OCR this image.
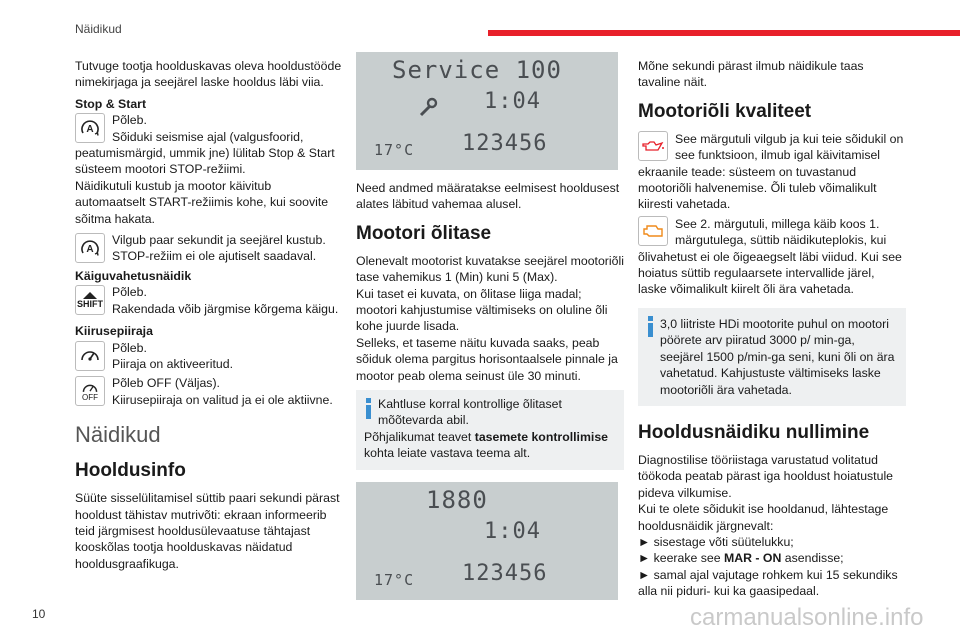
Näidikud

Tutvuge tootja hoolduskavas oleva hooldustööde nimekirjaga ja seejärel laske hooldus läbi viia.

Stop & Start
A
Põleb.
Sõiduki seismise ajal (valgusfoorid, peatumismärgid, ummik jne) lülitab Stop & Start süsteem mootori STOP-režiimi.

Näidikutuli kustub ja mootor käivitub automaatselt START-režiimis kohe, kui soovite sõitma hakata.

A
Vilgub paar sekundit ja seejärel kustub.
STOP-režiim ei ole ajutiselt saadaval.
Käiguvahetusnäidik
SHIFT
Põleb.
Rakendada võib järgmise kõrgema käigu.
Kiirusepiiraja
Põleb.
Piiraja on aktiveeritud.
OFF
Põleb OFF (Väljas).
Kiirusepiiraja on valitud ja ei ole aktiivne.
Näidikud
Hooldusinfo

Süüte sisselülitamisel süttib paari sekundi pärast hooldust tähistav mutrivõti: ekraan informeerib teid järgmisest hooldusülevaatuse tähtajast kooskõlas tootja hoolduskavas näidatud hooldusgraafikuga.

Service 100
1:04
17°C 123456

Need andmed määratakse eelmisest hooldusest alates läbitud vahemaa alusel.

Mootori õlitase

Olenevalt mootorist kuvatakse seejärel mootoriõli tase vahemikus 1 (Min) kuni 5 (Max).

Kui taset ei kuvata, on õlitase liiga madal; mootori kahjustumise vältimiseks on oluline õli kohe juurde lisada.

Selleks, et taseme näitu kuvada saaks, peab sõiduk olema pargitus horisontaalsele pinnale ja mootor peab olema seinust üle 30 minuti.

Kahtluse korral kontrollige õlitaset mõõtevarda abil.
Põhjalikumat teavet tasemete kontrollimise kohta leiate vastava teema alt.
1880
1:04
17°C 123456

Mõne sekundi pärast ilmub näidikule taas tavaline näit.

Mootoriõli kvaliteet
See märgutuli vilgub ja kui teie sõidukil on see funktsioon, ilmub igal käivitamisel ekraanile teade: süsteem on tuvastanud mootoriõli halvenemise. Õli tuleb võimalikult kiiresti vahetada.
See 2. märgutuli, millega käib koos 1. märgutulega, süttib näidikuteplokis, kui õlivahetust ei ole õigeaegselt läbi viidud. Kui see hoiatus süttib regulaarsete intervallide järel, laske võimalikult kiirelt õli ära vahetada.
3,0 liitriste HDi mootorite puhul on mootori pöörete arv piiratud 3000 p/ min-ga, seejärel 1500 p/min-ga seni, kuni õli on ära vahetatud. Kahjustuste vältimiseks laske mootoriõli ära vahetada.
Hooldusnäidiku nullimine

Diagnostilise tööriistaga varustatud volitatud töökoda peatab pärast iga hooldust hoiatustule pideva vilkumise.

Kui te olete sõidukit ise hooldanud, lähtestage hooldusnäidik järgnevalt:

► sisestage võti süütelukku;
► keerake see MAR - ON asendisse;
► samal ajal vajutage rohkem kui 15 sekundiks alla nii piduri- kui ka gaasipedaal.
10	carmanualsonline.info
